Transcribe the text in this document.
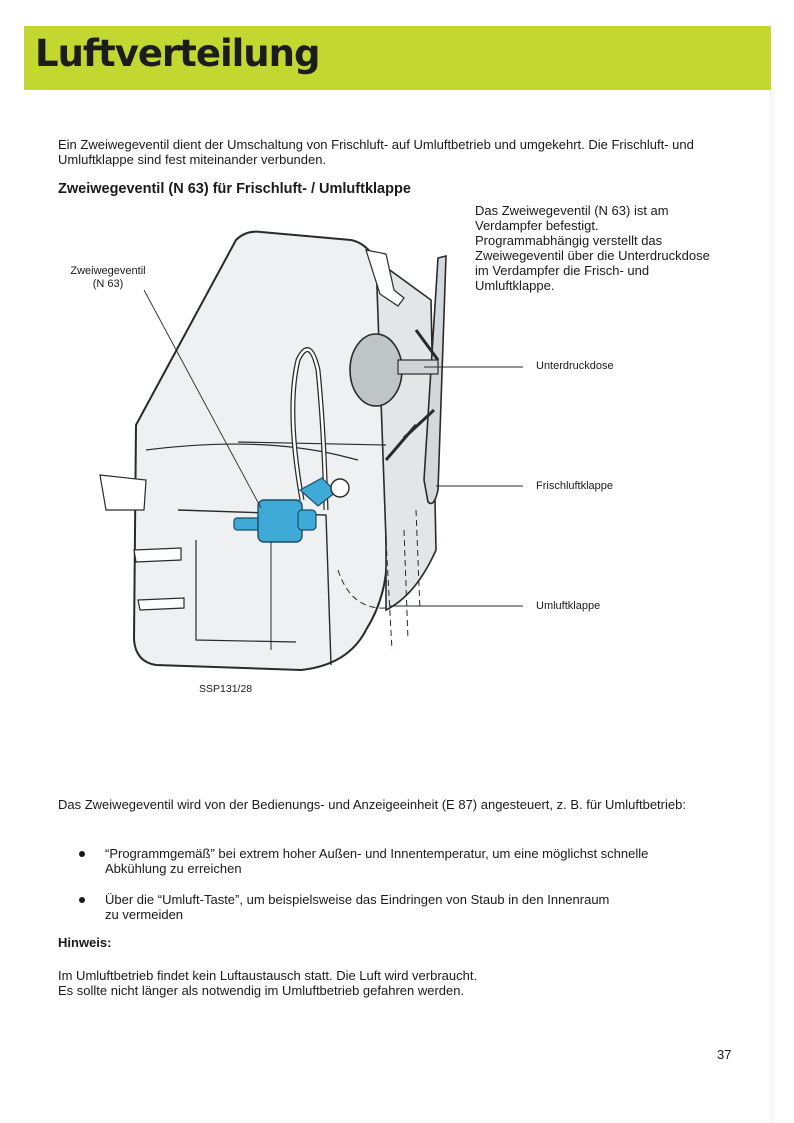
Luftverteilung
Ein Zweiwegeventil dient der Umschaltung von Frischluft- auf Umluftbetrieb und umgekehrt. Die Frischluft- und Umluftklappe sind fest miteinander verbunden.
Zweiwegeventil (N 63) für Frischluft- / Umluftklappe
Das Zweiwegeventil (N 63) ist am Verdampfer befestigt. Programmabhängig verstellt das Zweiwegeventil über die Unterdruckdose im Verdampfer die Frisch- und Umluftklappe.
Zweiwegeventil
(N 63)
Unterdruckdose
Frischluftklappe
Umluftklappe
SSP131/28
Das Zweiwegeventil wird von der Bedienungs- und Anzeigeeinheit (E 87) angesteuert, z. B. für Umluftbetrieb:
“Programmgemäß” bei extrem hoher Außen- und Innentemperatur, um eine möglichst schnelle
Abkühlung zu erreichen
Über die “Umluft-Taste”, um beispielsweise das Eindringen von Staub in den Innenraum
zu vermeiden
Hinweis:
Im Umluftbetrieb findet kein Luftaustausch statt. Die Luft wird verbraucht.
Es sollte nicht länger als notwendig im Umluftbetrieb gefahren werden.
37
